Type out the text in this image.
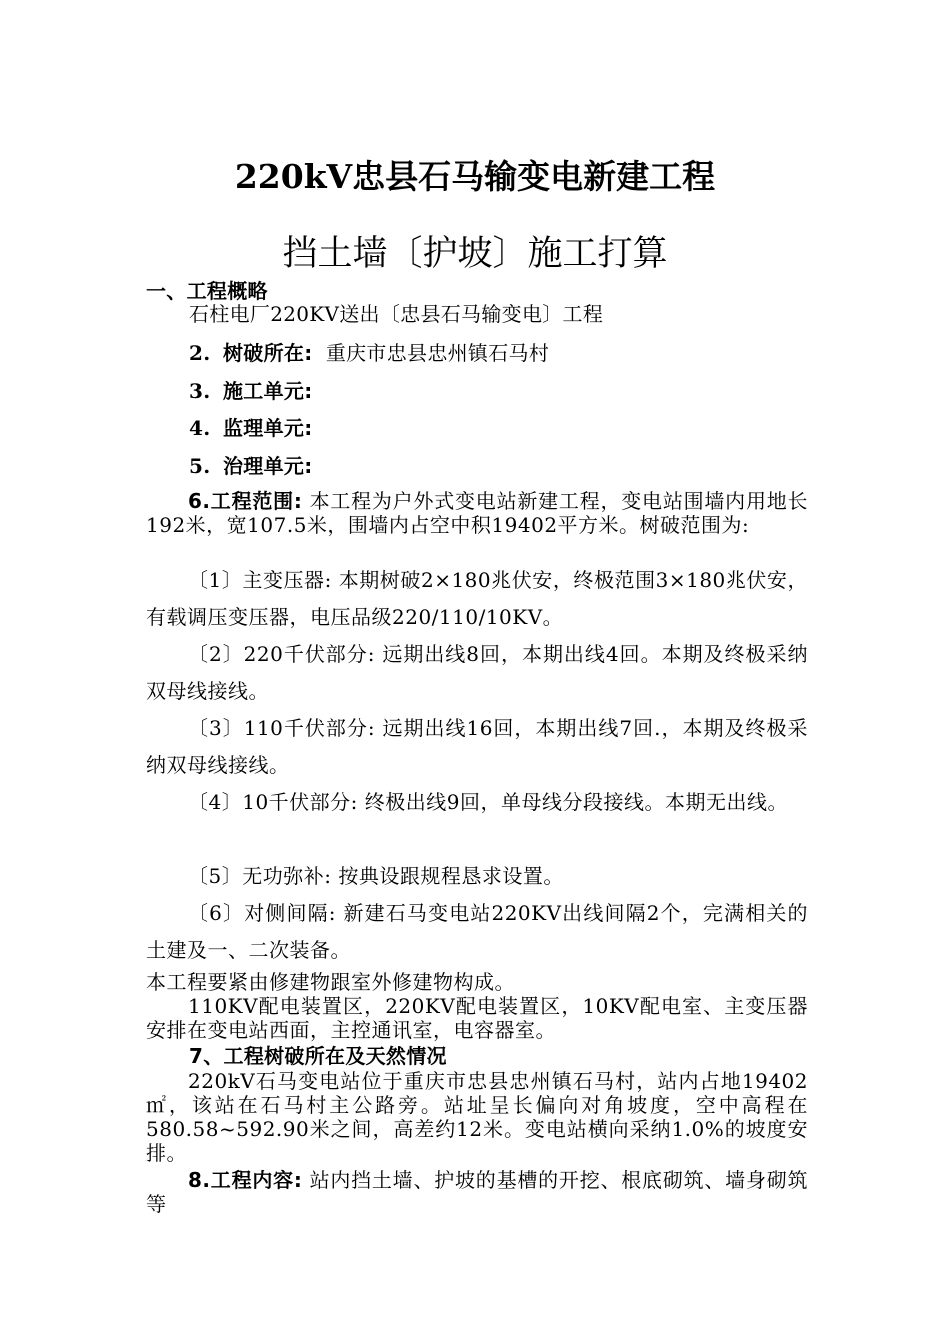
220kV忠县石马输变电新建工程
挡土墙〔护坡〕施工打算
一、工程概略
石柱电厂220KV送出〔忠县石马输变电〕工程
2. 树破所在: 重庆市忠县忠州镇石马村
3. 施工单元:
4. 监理单元:
5. 治理单元:
6.工程范围: 本工程为户外式变电站新建工程，变电站围墙内用地长192米，宽107.5米，围墙内占空中积19402平方米。树破范围为:
〔1〕主变压器: 本期树破2×180兆伏安，终极范围3×180兆伏安，有载调压变压器，电压品级220/110/10KV。
〔2〕220千伏部分: 远期出线8回，本期出线4回。本期及终极采纳双母线接线。
〔3〕110千伏部分: 远期出线16回，本期出线7回.，本期及终极采纳双母线接线。
〔4〕10千伏部分: 终极出线9回，单母线分段接线。本期无出线。
〔5〕无功弥补: 按典设跟规程恳求设置。
〔6〕对侧间隔: 新建石马变电站220KV出线间隔2个，完满相关的土建及一、二次装备。
本工程要紧由修建物跟室外修建物构成。
110KV配电装置区，220KV配电装置区，10KV配电室、主变压器安排在变电站西面，主控通讯室，电容器室。
7、工程树破所在及天然情况
220kV石马变电站位于重庆市忠县忠州镇石马村，站内占地19402㎡，该站在石马村主公路旁。站址呈长偏向对角坡度，空中高程在580.58~592.90米之间，高差约12米。变电站横向采纳1.0%的坡度安排。
8.工程内容: 站内挡土墙、护坡的基槽的开挖、根底砌筑、墙身砌筑等
